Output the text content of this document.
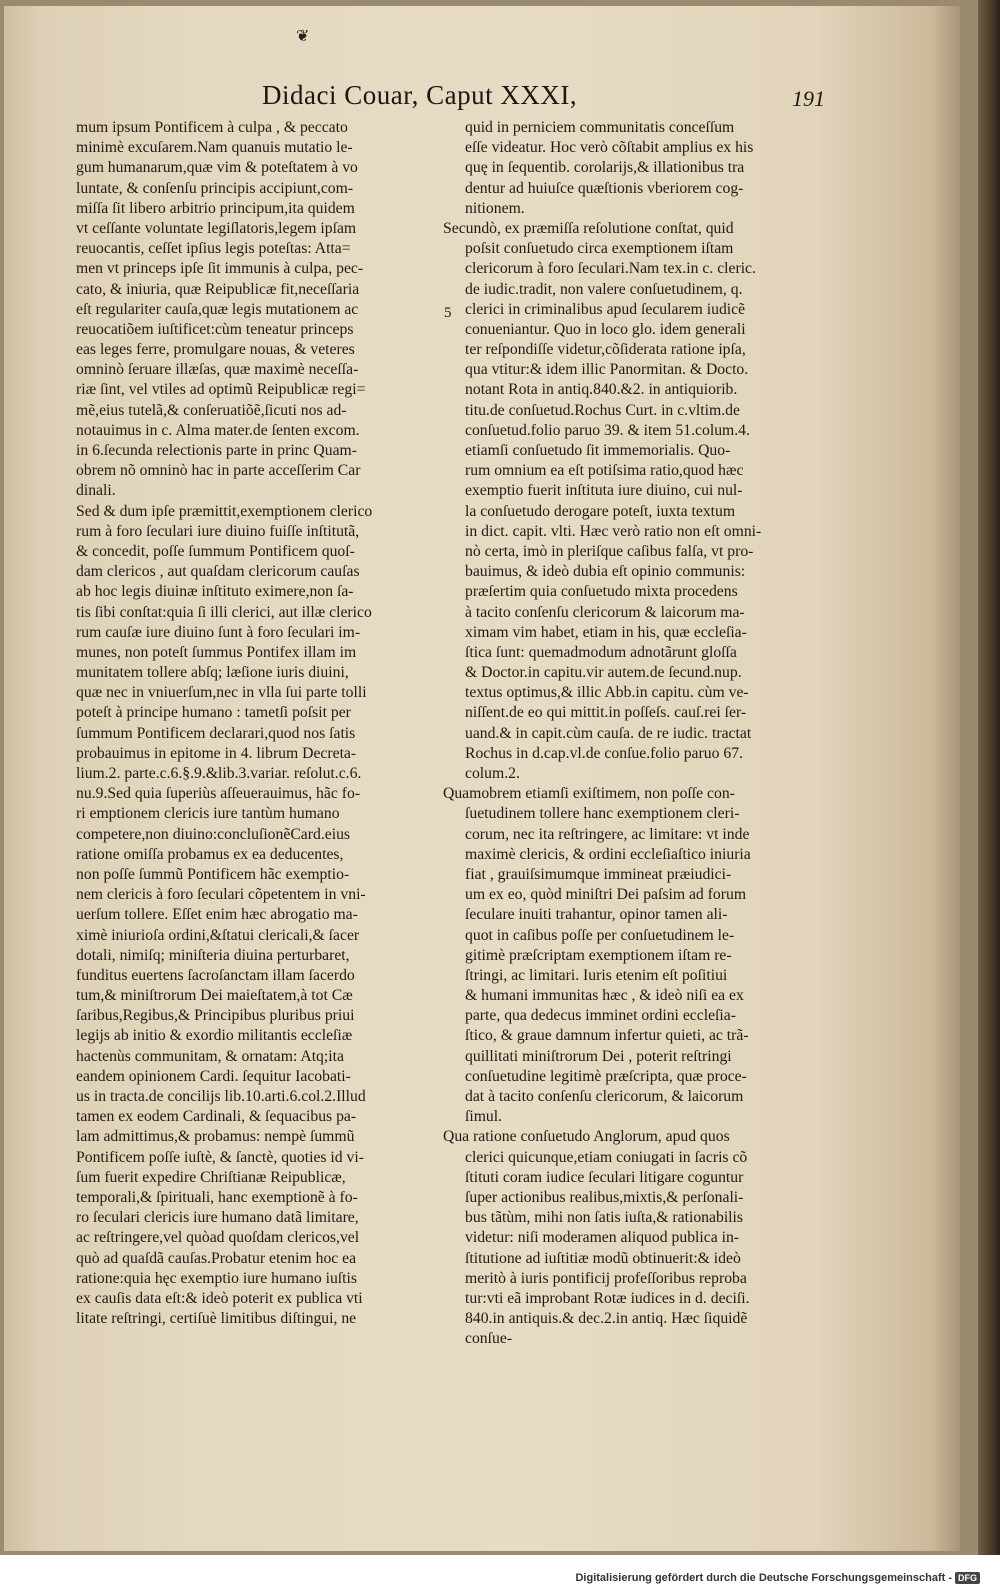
❦
Didaci Couar, Caput XXXI,	191
mum ipsum Pontificem à culpa , & peccato
minimè excuſarem.Nam quanuis mutatio le-
gum humanarum,quæ vim & poteſtatem à vo
luntate, & conſenſu principis accipiunt,com-
miſſa ſit libero arbitrio principum,ita quidem
vt ceſſante voluntate legiſlatoris,legem ipſam
reuocantis, ceſſet ipſius legis poteſtas: Atta=
men vt princeps ipſe ſit immunis à culpa, pec-
cato, & iniuria, quæ Reipublicæ fit,neceſſaria
eſt regulariter cauſa,quæ legis mutationem ac
reuocatiõem iuſtificet:cùm teneatur princeps
eas leges ferre, promulgare nouas, & veteres
omninò ſeruare illæſas, quæ maximè neceſſa-
riæ ſint, vel vtiles ad optimũ Reipublicæ regi=
mẽ,eius tutelã,& conſeruatiõẽ,ſicuti nos ad-
notauimus in c. Alma mater.de ſenten excom.
in 6.ſecunda relectionis parte in princ Quam-
obrem nõ omninò hac in parte acceſſerim Car
dinali.
Sed & dum ipſe præmittit,exemptionem clerico
rum à foro ſeculari iure diuino fuiſſe inſtitutã,
& concedit, poſſe ſummum Pontificem quoſ-
dam clericos , aut quaſdam clericorum cauſas
ab hoc legis diuinæ inſtituto eximere,non ſa-
tis ſibi conſtat:quia ſi illi clerici, aut illæ clerico
rum cauſæ iure diuino ſunt à foro ſeculari im-
munes, non poteſt ſummus Pontifex illam im
munitatem tollere abſq; læſione iuris diuini,
quæ nec in vniuerſum,nec in vlla ſui parte tolli
poteſt à principe humano : tametſi poſsit per
ſummum Pontificem declarari,quod nos ſatis
probauimus in epitome in 4. librum Decreta-
lium.2. parte.c.6.§.9.&lib.3.variar. reſolut.c.6.
nu.9.Sed quia ſuperiùs aſſeuerauimus, hãc fo-
ri emptionem clericis iure tantùm humano
competere,non diuino:concluſionẽCard.eius
ratione omiſſa probamus ex ea deducentes,
non poſſe ſummũ Pontificem hãc exemptio-
nem clericis à foro ſeculari cõpetentem in vni-
uerſum tollere. Eſſet enim hæc abrogatio ma-
ximè iniurioſa ordini,&ſtatui clericali,& ſacer
dotali, nimiſq; miniſteria diuina perturbaret,
funditus euertens ſacroſanctam illam ſacerdo
tum,& miniſtrorum Dei maieſtatem,à tot Cæ
ſaribus,Regibus,& Principibus pluribus priui
legijs ab initio & exordio militantis eccleſiæ
hactenùs communitam, & ornatam: Atq;ita
eandem opinionem Cardi. ſequitur Iacobati-
us in tracta.de concilijs lib.10.arti.6.col.2.Illud
tamen ex eodem Cardinali, & ſequacibus pa-
lam admittimus,& probamus: nempè ſummũ
Pontificem poſſe iuſtè, & ſanctè, quoties id vi-
ſum fuerit expedire Chriſtianæ Reipublicæ,
temporali,& ſpirituali, hanc exemptionẽ à fo-
ro ſeculari clericis iure humano datã limitare,
ac reſtringere,vel quòad quoſdam clericos,vel
quò ad quaſdã cauſas.Probatur etenim hoc ea
ratione:quia hęc exemptio iure humano iuſtis
ex cauſis data eſt:& ideò poterit ex publica vti
litate reſtringi, certiſuè limitibus diſtingui, ne
5
quid in perniciem communitatis conceſſum
eſſe videatur. Hoc verò cõſtabit amplius ex his
quę in ſequentib. corolarijs,& illationibus tra
dentur ad huiuſce quæſtionis vberiorem cog-
nitionem.
Secundò, ex præmiſſa reſolutione conſtat, quid
poſsit conſuetudo circa exemptionem iſtam
clericorum à foro ſeculari.Nam tex.in c. cleric.
de iudic.tradit, non valere conſuetudinem, q.
clerici in criminalibus apud ſecularem iudicẽ
conueniantur. Quo in loco glo. idem generali
ter reſpondiſſe videtur,cõſiderata ratione ipſa,
qua vtitur:& idem illic Panormitan. & Docto.
notant Rota in antiq.840.&2. in antiquiorib.
titu.de conſuetud.Rochus Curt. in c.vltim.de
conſuetud.folio paruo 39. & item 51.colum.4.
etiamſi conſuetudo ſit immemorialis. Quo-
rum omnium ea eſt potiſsima ratio,quod hæc
exemptio fuerit inſtituta iure diuino, cui nul-
la conſuetudo derogare poteſt, iuxta textum
in dict. capit. vlti. Hæc verò ratio non eſt omni-
nò certa, imò in pleriſque caſibus falſa, vt pro-
bauimus, & ideò dubia eſt opinio communis:
præſertim quia conſuetudo mixta procedens
à tacito conſenſu clericorum & laicorum ma-
ximam vim habet, etiam in his, quæ eccleſia-
ſtica ſunt: quemadmodum adnotãrunt gloſſa
& Doctor.in capitu.vir autem.de ſecund.nup.
textus optimus,& illic Abb.in capitu. cùm ve-
niſſent.de eo qui mittit.in poſſeſs. cauſ.rei ſer-
uand.& in capit.cùm cauſa. de re iudic. tractat
Rochus in d.cap.vl.de conſue.folio paruo 67.
colum.2.
Quamobrem etiamſi exiſtimem, non poſſe con-
ſuetudinem tollere hanc exemptionem cleri-
corum, nec ita reſtringere, ac limitare: vt inde
maximè clericis, & ordini eccleſiaſtico iniuria
fiat , grauiſsimumque immineat præiudici-
um ex eo, quòd miniſtri Dei paſsim ad forum
ſeculare inuiti trahantur, opinor tamen ali-
quot in caſibus poſſe per conſuetudinem le-
gitimè præſcriptam exemptionem iſtam re-
ſtringi, ac limitari. Iuris etenim eſt poſitiui
& humani immunitas hæc , & ideò niſi ea ex
parte, qua dedecus imminet ordini eccleſia-
ſtico, & graue damnum infertur quieti, ac trã-
quillitati miniſtrorum Dei , poterit reſtringi
conſuetudine legitimè præſcripta, quæ proce-
dat à tacito conſenſu clericorum, & laicorum
ſimul.
Qua ratione conſuetudo Anglorum, apud quos
clerici quicunque,etiam coniugati in ſacris cõ
ſtituti coram iudice ſeculari litigare coguntur
ſuper actionibus realibus,mixtis,& perſonali-
bus tãtùm, mihi non ſatis iuſta,& rationabilis
videtur: niſi moderamen aliquod publica in-
ſtitutione ad iuſtitiæ modũ obtinuerit:& ideò
meritò à iuris pontificij profeſſoribus reproba
tur:vti eã improbant Rotæ iudices in d. deciſi.
840.in antiquis.& dec.2.in antiq. Hæc ſiquidẽ
conſue-
Digitalisierung gefördert durch die Deutsche Forschungsgemeinschaft - DFG
